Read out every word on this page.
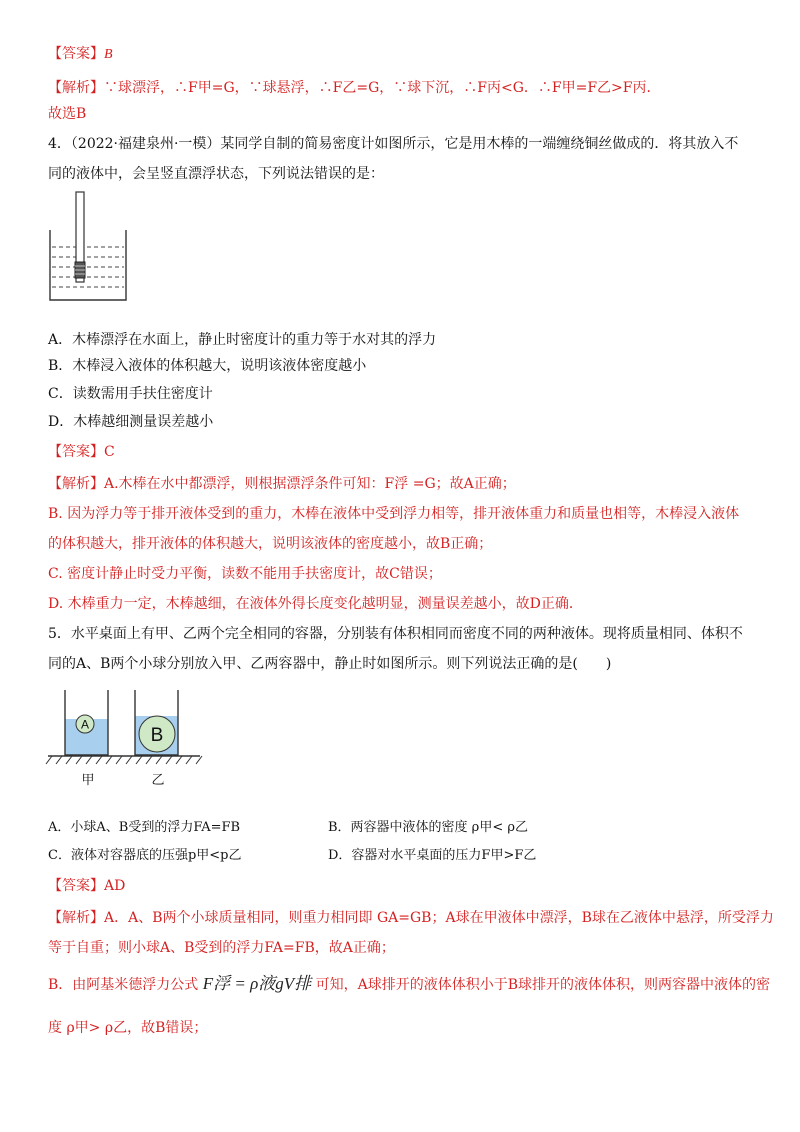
【答案】B
【解析】∵球漂浮，∴F甲=G，∵球悬浮，∴F乙=G，∵球下沉，∴F丙<G．∴F甲=F乙>F丙．
故选B
4．（2022·福建泉州·一模）某同学自制的简易密度计如图所示，它是用木棒的一端缠绕铜丝做成的．将其放入不
同的液体中，会呈竖直漂浮状态，下列说法错误的是：
A．木棒漂浮在水面上，静止时密度计的重力等于水对其的浮力
B．木棒浸入液体的体积越大，说明该液体密度越小
C．读数需用手扶住密度计
D．木棒越细测量误差越小
【答案】C
【解析】A.木棒在水中都漂浮，则根据漂浮条件可知：F浮 =G；故A正确；
B. 因为浮力等于排开液体受到的重力，木棒在液体中受到浮力相等，排开液体重力和质量也相等，木棒浸入液体
的体积越大，排开液体的体积越大，说明该液体的密度越小，故B正确；
C. 密度计静止时受力平衡，读数不能用手扶密度计，故C错误；
D. 木棒重力一定，木棒越细，在液体外得长度变化越明显，测量误差越小，故D正确．
5．水平桌面上有甲、乙两个完全相同的容器，分别装有体积相同而密度不同的两种液体。现将质量相同、体积不
同的A、B两个小球分别放入甲、乙两容器中，静止时如图所示。则下列说法正确的是(　　)
A
B
甲	乙
A．小球A、B受到的浮力FA=FB	B．两容器中液体的密度 ρ甲< ρ乙
C．液体对容器底的压强p甲<p乙	D．容器对水平桌面的压力F甲>F乙
【答案】AD
【解析】A．A、B两个小球质量相同，则重力相同即 GA=GB；A球在甲液体中漂浮，B球在乙液体中悬浮，所受浮力
等于自重；则小球A、B受到的浮力FA=FB，故A正确；
B．由阿基米德浮力公式 F浮 = ρ液gV排 可知，A球排开的液体体积小于B球排开的液体体积，则两容器中液体的密
度 ρ甲> ρ乙，故B错误；
